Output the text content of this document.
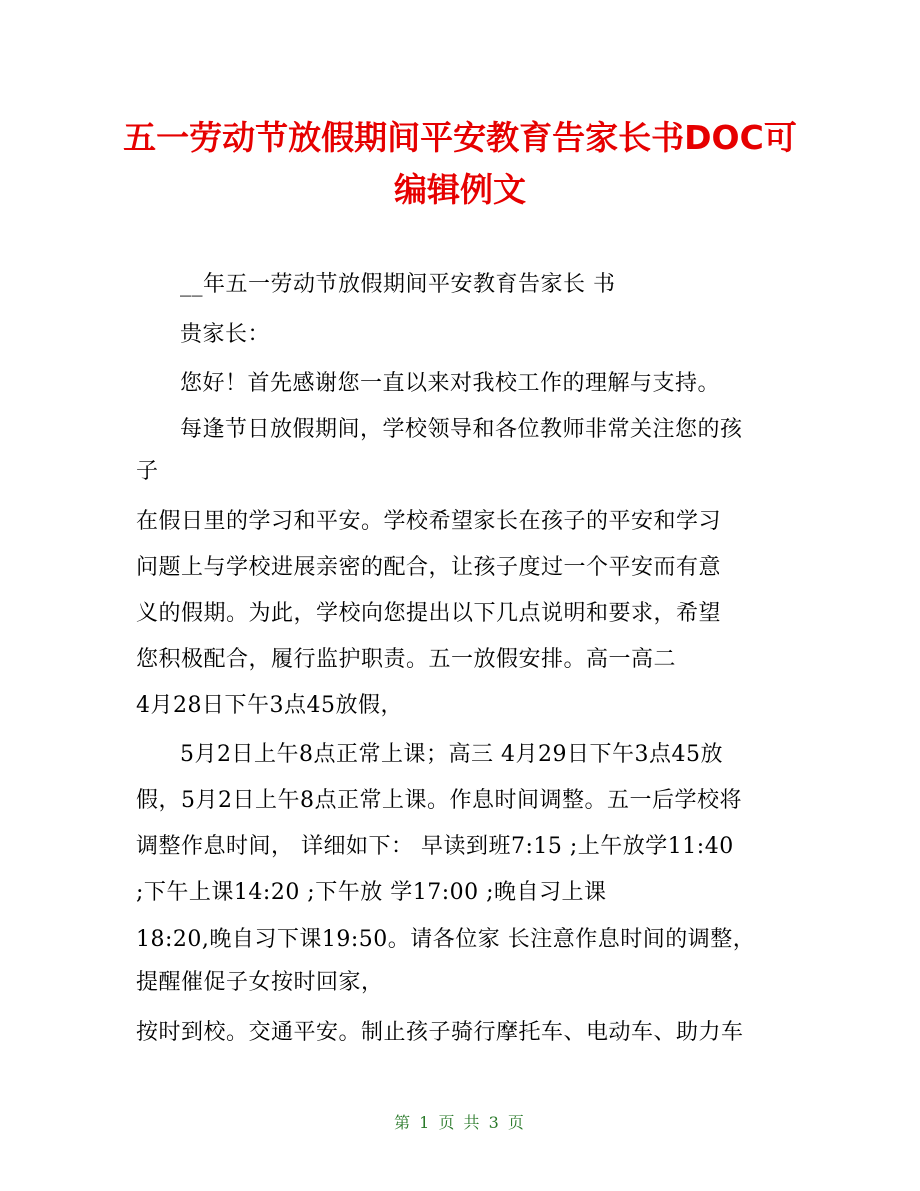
五一劳动节放假期间平安教育告家长书DOC可
编辑例文
__年五一劳动节放假期间平安教育告家长 书
贵家长：
您好！首先感谢您一直以来对我校工作的理解与支持。
每逢节日放假期间，学校领导和各位教师非常关注您的孩
子
在假日里的学习和平安。学校希望家长在孩子的平安和学习
问题上与学校进展亲密的配合，让孩子度过一个平安而有意
义的假期。为此，学校向您提出以下几点说明和要求，希望
您积极配合，履行监护职责。五一放假安排。高一高二
4月28日下午3点45放假，
5月2日上午8点正常上课；高三 4月29日下午3点45放
假，5月2日上午8点正常上课。作息时间调整。五一后学校将
调整作息时间， 详细如下： 早读到班7:15 ;上午放学11:40
;下午上课14:20 ;下午放 学17:00 ;晚自习上课
18:20,晚自习下课19:50。请各位家 长注意作息时间的调整，
提醒催促子女按时回家，
按时到校。交通平安。制止孩子骑行摩托车、电动车、助力车
第 1 页 共 3 页
